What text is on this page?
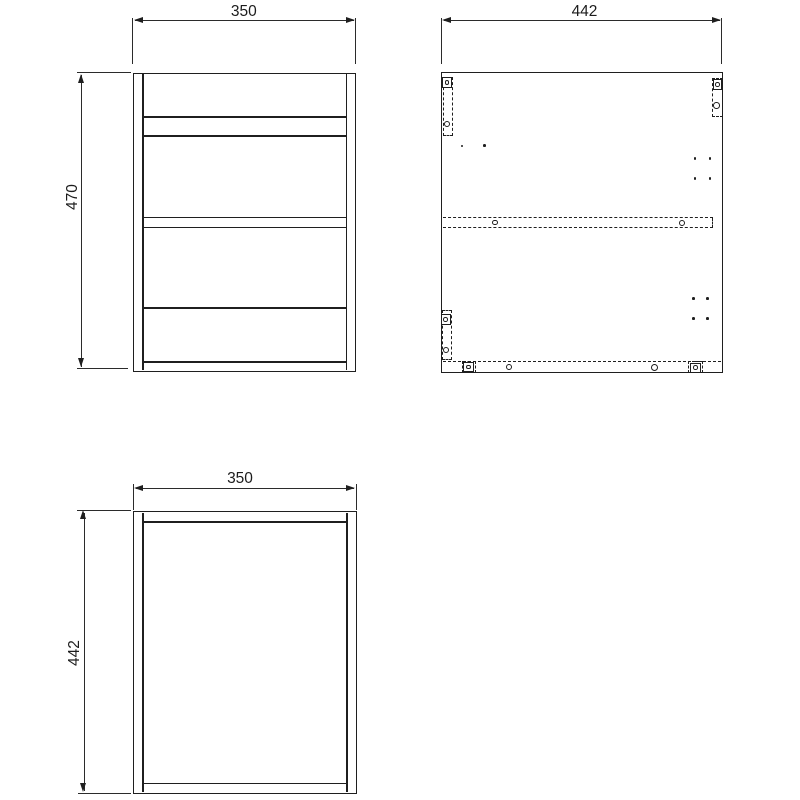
350
470
442
350
442
